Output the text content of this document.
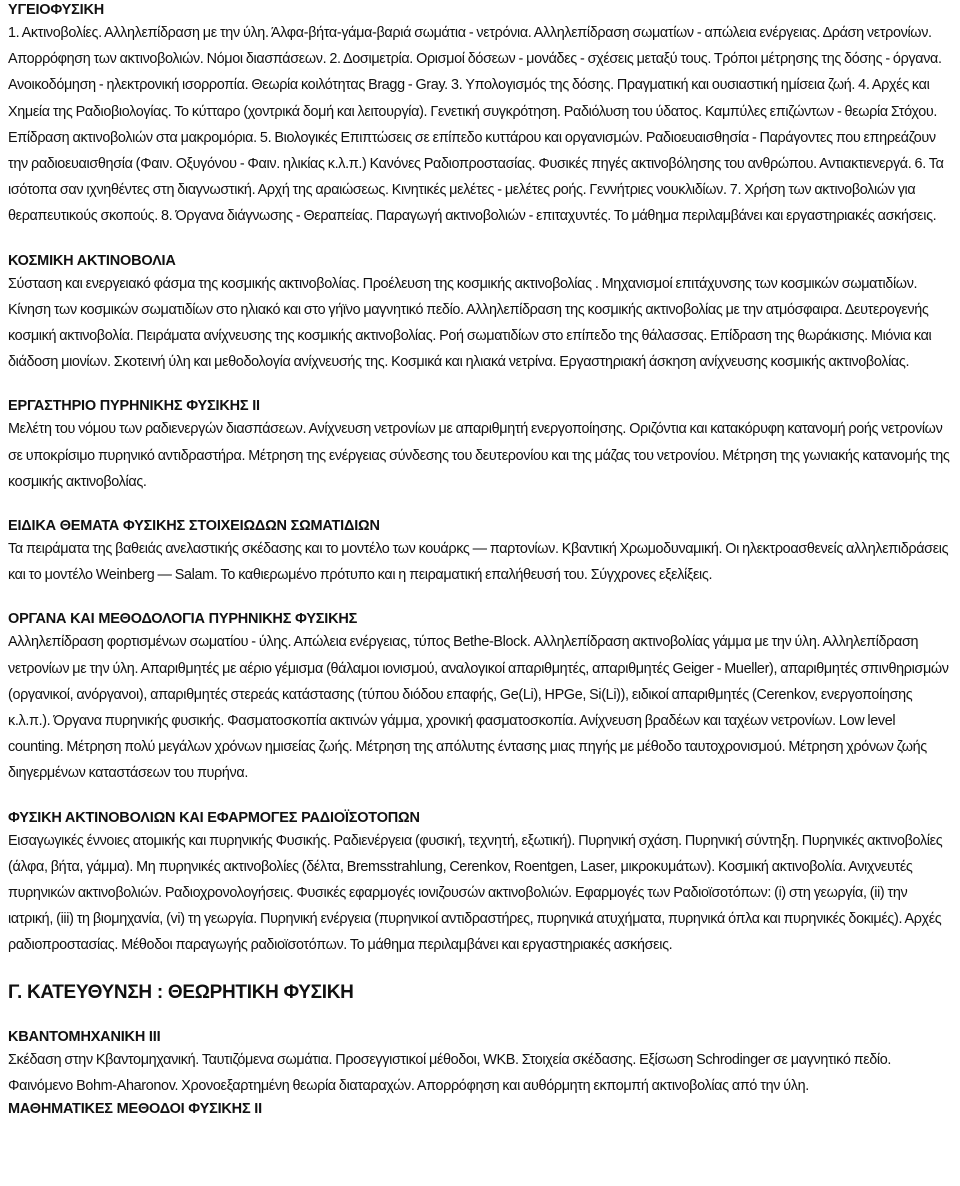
ΥΓΕΙΟΦΥΣΙΚΗ

1. Ακτινοβολίες. Αλληλεπίδραση με την ύλη. Άλφα-βήτα-γάμα-βαριά σωμάτια - νετρόνια. Αλληλεπίδραση σωματίων - απώλεια ενέργειας. Δράση νετρονίων. Απορρόφηση των ακτινοβολιών. Νόμοι διασπάσεων. 2. Δοσιμετρία. Ορισμοί δόσεων - μονάδες - σχέσεις μεταξύ τους. Τρόποι μέτρησης της δόσης - όργανα. Ανοικοδόμηση - ηλεκτρονική ισορροπία. Θεωρία κοιλότητας Bragg - Gray. 3. Υπολογισμός της δόσης. Πραγματική και ουσιαστική ημίσεια ζωή. 4. Αρχές και Χημεία της Ραδιοβιολογίας. Το κύτταρο (χοντρικά δομή και λειτουργία). Γενετική συγκρότηση. Ραδιόλυση του ύδατος. Καμπύλες επιζώντων - θεωρία Στόχου. Επίδραση ακτινοβολιών στα μακρομόρια. 5. Βιολογικές Επιπτώσεις σε επίπεδο κυττάρου και οργανισμών. Ραδιοευαισθησία - Παράγοντες που επηρεάζουν την ραδιοευαισθησία (Φαιν. Οξυγόνου - Φαιν. ηλικίας κ.λ.π.) Κανόνες Ραδιοπροστασίας. Φυσικές πηγές ακτινοβόλησης του ανθρώπου. Αντιακτιενεργά. 6. Τα ισότοπα σαν ιχνηθέντες στη διαγνωστική. Αρχή της αραιώσεως. Κινητικές μελέτες - μελέτες ροής. Γεννήτριες νουκλιδίων. 7. Χρήση των ακτινοβολιών για θεραπευτικούς σκοπούς. 8. Όργανα διάγνωσης - Θεραπείας. Παραγωγή ακτινοβολιών - επιταχυντές. Το μάθημα περιλαμβάνει και εργαστηριακές ασκήσεις.

ΚΟΣΜΙΚΗ ΑΚΤΙΝΟΒΟΛΙΑ

Σύσταση και ενεργειακό φάσμα της κοσμικής ακτινοβολίας. Προέλευση της κοσμικής ακτινοβολίας . Μηχανισμοί επιτάχυνσης των κοσμικών σωματιδίων. Κίνηση των κοσμικών σωματιδίων στο ηλιακό και στο γήϊνο μαγνητικό πεδίο. Αλληλεπίδραση της κοσμικής ακτινοβολίας με την ατμόσφαιρα. Δευτερογενής κοσμική ακτινοβολία. Πειράματα ανίχνευσης της κοσμικής ακτινοβολίας. Ροή σωματιδίων στο επίπεδο της θάλασσας. Επίδραση της θωράκισης. Μιόνια και διάδοση μιονίων. Σκοτεινή ύλη και μεθοδολογία ανίχνευσής της. Κοσμικά και ηλιακά νετρίνα. Εργαστηριακή άσκηση ανίχνευσης κοσμικής ακτινοβολίας.

ΕΡΓΑΣΤΗΡΙΟ ΠΥΡΗΝΙΚΗΣ ΦΥΣΙΚΗΣ ΙΙ

Μελέτη του νόμου των ραδιενεργών διασπάσεων. Ανίχνευση νετρονίων με απαριθμητή ενεργοποίησης. Οριζόντια και κατακόρυφη κατανομή ροής νετρονίων σε υποκρίσιμο πυρηνικό αντιδραστήρα. Μέτρηση της ενέργειας σύνδεσης του δευτερονίου και της μάζας του νετρονίου. Μέτρηση της γωνιακής κατανομής της κοσμικής ακτινοβολίας.

ΕΙΔΙΚΑ ΘΕΜΑΤΑ ΦΥΣΙΚΗΣ ΣΤΟΙΧΕΙΩΔΩΝ ΣΩΜΑΤΙΔΙΩΝ

Τα πειράματα της βαθειάς ανελαστικής σκέδασης και το μοντέλο των κουάρκς — παρτονίων. Κβαντική Χρωμοδυναμική. Οι ηλεκτροασθενείς αλληλεπιδράσεις και το μοντέλο Weinberg — Salam. Το καθιερωμένο πρότυπο και η πειραματική επαλήθευσή του. Σύγχρονες εξελίξεις.

ΟΡΓΑΝΑ ΚΑΙ ΜΕΘΟΔΟΛΟΓΙΑ ΠΥΡΗΝΙΚΗΣ ΦΥΣΙΚΗΣ

Αλληλεπίδραση φορτισμένων σωματίου - ύλης. Απώλεια ενέργειας, τύπος Bethe-Block. Αλληλεπίδραση ακτινοβολίας γάμμα με την ύλη. Αλληλεπίδραση νετρονίων με την ύλη. Απαριθμητές με αέριο γέμισμα (θάλαμοι ιονισμού, αναλογικοί απαριθμητές, απαριθμητές Geiger - Mueller), απαριθμητές σπινθηρισμών (οργανικοί, ανόργανοι), απαριθμητές στερεάς κατάστασης (τύπου διόδου επαφής, Ge(Li), HPGe, Si(Li)), ειδικοί απαριθμητές (Cerenkov, ενεργοποίησης κ.λ.π.). Όργανα πυρηνικής φυσικής. Φασματοσκοπία ακτινών γάμμα, χρονική φασματοσκοπία. Ανίχνευση βραδέων και ταχέων νετρονίων. Low level counting. Μέτρηση πολύ μεγάλων χρόνων ημισείας ζωής. Μέτρηση της απόλυτης έντασης μιας πηγής με μέθοδο ταυτοχρονισμού. Μέτρηση χρόνων ζωής διηγερμένων καταστάσεων του πυρήνα.

ΦΥΣΙΚΗ ΑΚΤΙΝΟΒΟΛΙΩΝ ΚΑΙ ΕΦΑΡΜΟΓΕΣ ΡΑΔΙΟΪΣΟΤΟΠΩΝ

Εισαγωγικές έννοιες ατομικής και πυρηνικής Φυσικής. Ραδιενέργεια (φυσική, τεχνητή, εξωτική). Πυρηνική σχάση. Πυρηνική σύντηξη. Πυρηνικές ακτινοβολίες (άλφα, βήτα, γάμμα). Μη πυρηνικές ακτινοβολίες (δέλτα, Bremsstrahlung, Cerenkov, Roentgen, Laser, μικροκυμάτων). Κοσμική ακτινοβολία. Ανιχνευτές πυρηνικών ακτινοβολιών. Ραδιοχρονολογήσεις. Φυσικές εφαρμογές ιονιζουσών ακτινοβολιών. Εφαρμογές των Ραδιοϊσοτόπων: (i) στη γεωργία, (ii) την ιατρική, (iii) τη βιομηχανία, (vi) τη γεωργία. Πυρηνική ενέργεια (πυρηνικοί αντιδραστήρες, πυρηνικά ατυχήματα, πυρηνικά όπλα και πυρηνικές δοκιμές). Αρχές ραδιοπροστασίας. Μέθοδοι παραγωγής ραδιοϊσοτόπων. Το μάθημα περιλαμβάνει και εργαστηριακές ασκήσεις.

Γ. ΚΑΤΕΥΘΥΝΣΗ : ΘΕΩΡΗΤΙΚΗ ΦΥΣΙΚΗ
ΚΒΑΝΤΟΜΗΧΑΝΙΚΗ ΙΙΙ

Σκέδαση στην Κβαντομηχανική. Ταυτιζόμενα σωμάτια. Προσεγγιστικοί μέθοδοι, WKB. Στοιχεία σκέδασης. Εξίσωση Schrodinger σε μαγνητικό πεδίο. Φαινόμενο Bohm-Aharonov. Χρονοεξαρτημένη θεωρία διαταραχών. Απορρόφηση και αυθόρμητη εκπομπή ακτινοβολίας από την ύλη.

ΜΑΘΗΜΑΤΙΚΕΣ ΜΕΘΟΔΟΙ ΦΥΣΙΚΗΣ ΙΙ
